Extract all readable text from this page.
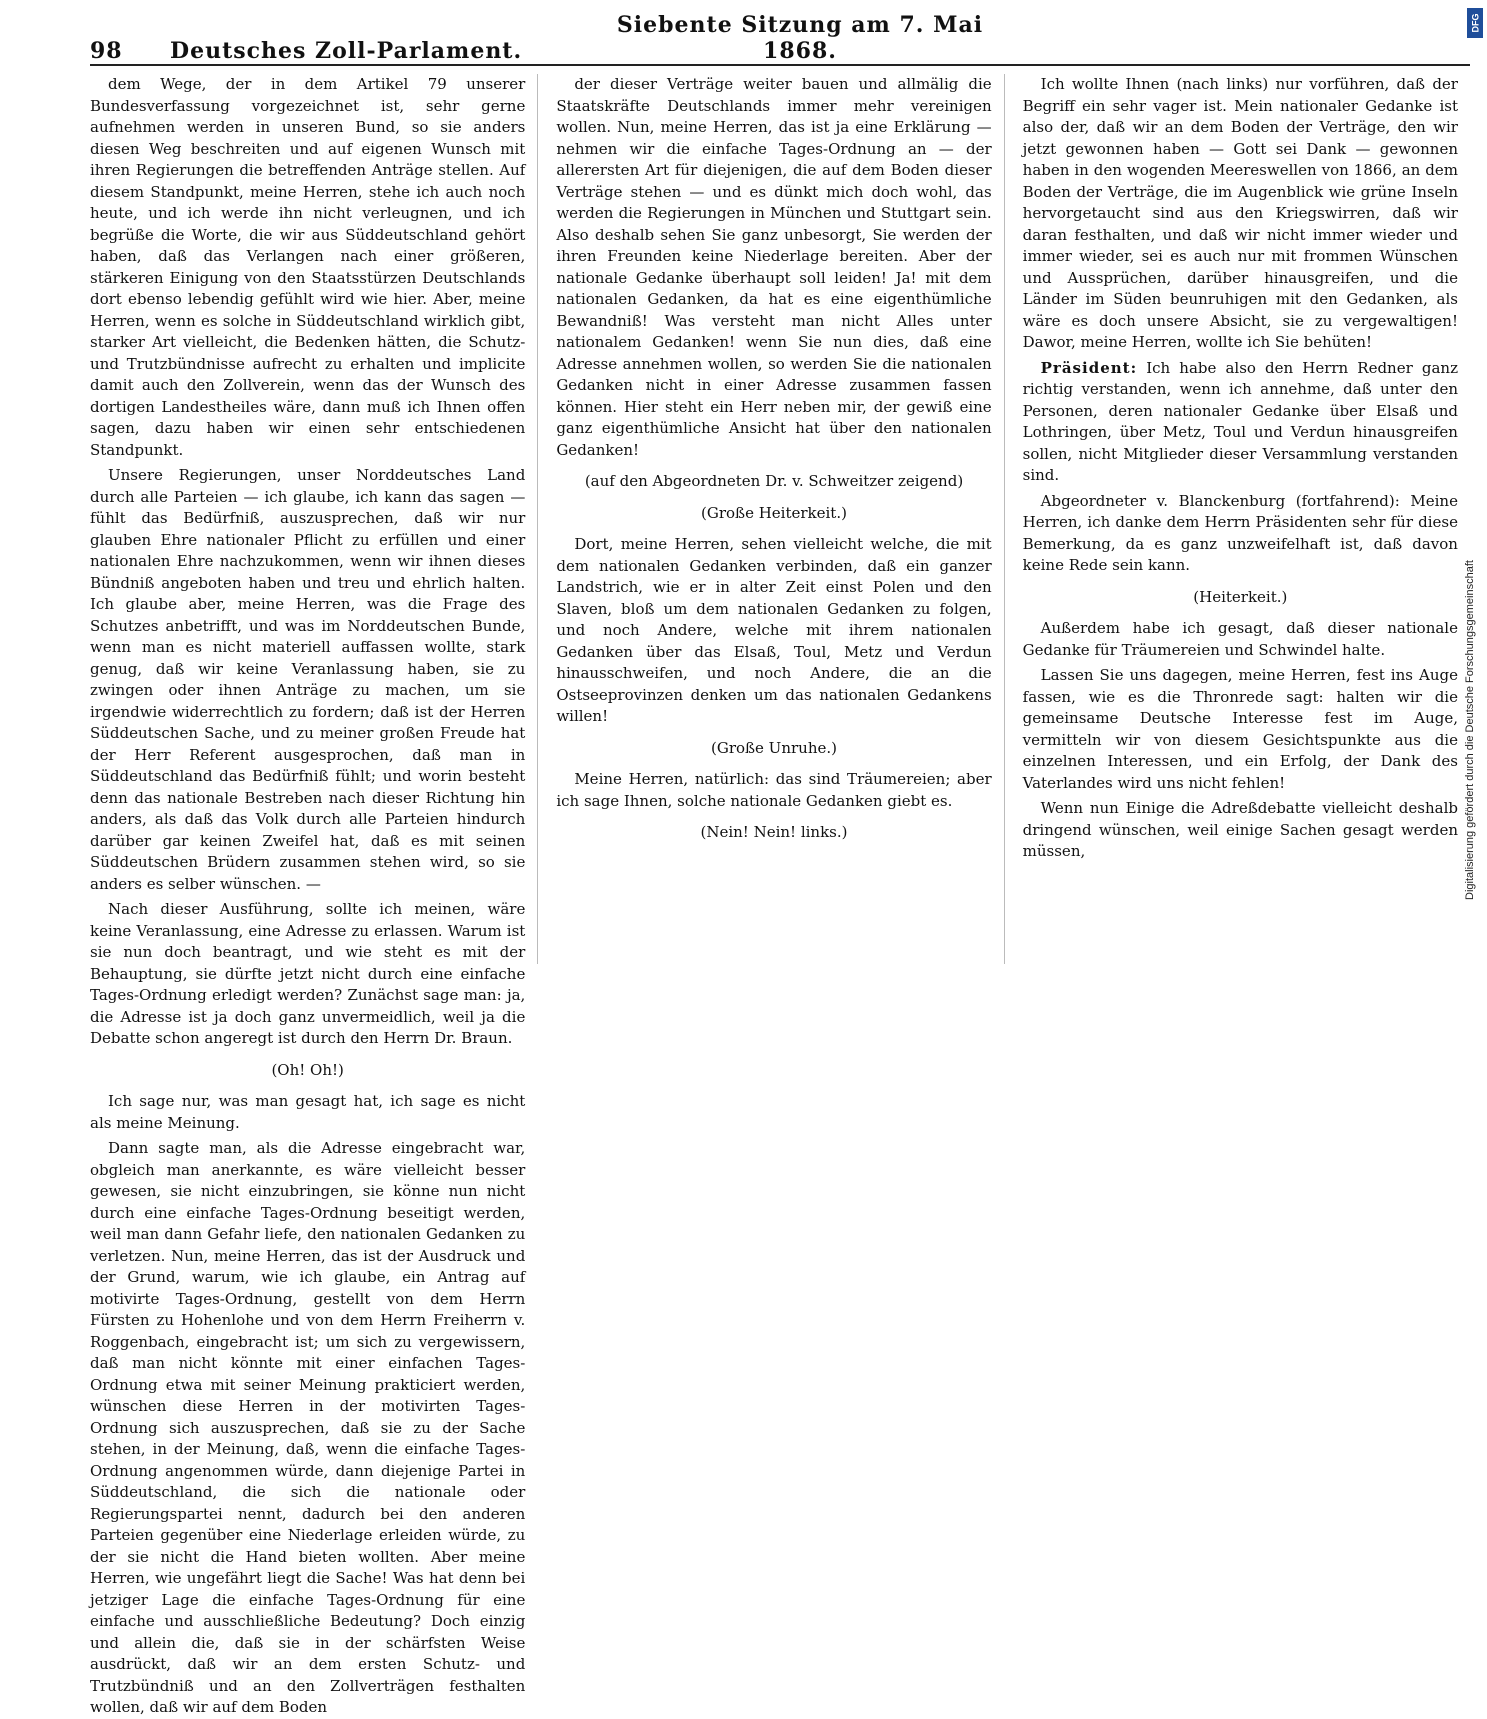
DFG
Digitalisierung gefördert durch die Deutsche Forschungsgemeinschaft
98	Deutsches Zoll-Parlament.
Siebente Sitzung am 7. Mai 1868.

dem Wege, der in dem Artikel 79 unserer Bundesverfassung vorgezeichnet ist, sehr gerne aufnehmen werden in unseren Bund, so sie anders diesen Weg beschreiten und auf eigenen Wunsch mit ihren Regierungen die betreffenden Anträge stellen. Auf diesem Standpunkt, meine Herren, stehe ich auch noch heute, und ich werde ihn nicht verleugnen, und ich begrüße die Worte, die wir aus Süddeutschland gehört haben, daß das Verlangen nach einer größeren, stärkeren Einigung von den Staatsstürzen Deutschlands dort ebenso lebendig gefühlt wird wie hier. Aber, meine Herren, wenn es solche in Süddeutschland wirklich gibt, starker Art vielleicht, die Bedenken hätten, die Schutz- und Trutzbündnisse aufrecht zu erhalten und implicite damit auch den Zollverein, wenn das der Wunsch des dortigen Landestheiles wäre, dann muß ich Ihnen offen sagen, dazu haben wir einen sehr entschiedenen Standpunkt.

Unsere Regierungen, unser Norddeutsches Land durch alle Parteien — ich glaube, ich kann das sagen — fühlt das Bedürfniß, auszusprechen, daß wir nur glauben Ehre nationaler Pflicht zu erfüllen und einer nationalen Ehre nachzukommen, wenn wir ihnen dieses Bündniß angeboten haben und treu und ehrlich halten. Ich glaube aber, meine Herren, was die Frage des Schutzes anbetrifft, und was im Norddeutschen Bunde, wenn man es nicht materiell auffassen wollte, stark genug, daß wir keine Veranlassung haben, sie zu zwingen oder ihnen Anträge zu machen, um sie irgendwie widerrechtlich zu fordern; daß ist der Herren Süddeutschen Sache, und zu meiner großen Freude hat der Herr Referent ausgesprochen, daß man in Süddeutschland das Bedürfniß fühlt; und worin besteht denn das nationale Bestreben nach dieser Richtung hin anders, als daß das Volk durch alle Parteien hindurch darüber gar keinen Zweifel hat, daß es mit seinen Süddeutschen Brüdern zusammen stehen wird, so sie anders es selber wünschen. —

Nach dieser Ausführung, sollte ich meinen, wäre keine Veranlassung, eine Adresse zu erlassen. Warum ist sie nun doch beantragt, und wie steht es mit der Behauptung, sie dürfte jetzt nicht durch eine einfache Tages-Ordnung erledigt werden? Zunächst sage man: ja, die Adresse ist ja doch ganz unvermeidlich, weil ja die Debatte schon angeregt ist durch den Herrn Dr. Braun.

(Oh! Oh!)

Ich sage nur, was man gesagt hat, ich sage es nicht als meine Meinung.

Dann sagte man, als die Adresse eingebracht war, obgleich man anerkannte, es wäre vielleicht besser gewesen, sie nicht einzubringen, sie könne nun nicht durch eine einfache Tages-Ordnung beseitigt werden, weil man dann Gefahr liefe, den nationalen Gedanken zu verletzen. Nun, meine Herren, das ist der Ausdruck und der Grund, warum, wie ich glaube, ein Antrag auf motivirte Tages-Ordnung, gestellt von dem Herrn Fürsten zu Hohenlohe und von dem Herrn Freiherrn v. Roggenbach, eingebracht ist; um sich zu vergewissern, daß man nicht könnte mit einer einfachen Tages-Ordnung etwa mit seiner Meinung prakticiert werden, wünschen diese Herren in der motivirten Tages-Ordnung sich auszusprechen, daß sie zu der Sache stehen, in der Meinung, daß, wenn die einfache Tages-Ordnung angenommen würde, dann diejenige Partei in Süddeutschland, die sich die nationale oder Regierungspartei nennt, dadurch bei den anderen Parteien gegenüber eine Niederlage erleiden würde, zu der sie nicht die Hand bieten wollten. Aber meine Herren, wie ungefährt liegt die Sache! Was hat denn bei jetziger Lage die einfache Tages-Ordnung für eine einfache und ausschließliche Bedeutung? Doch einzig und allein die, daß sie in der schärfsten Weise ausdrückt, daß wir an dem ersten Schutz- und Trutzbündniß und an den Zollverträgen festhalten wollen, daß wir auf dem Boden

der dieser Verträge weiter bauen und allmälig die Staatskräfte Deutschlands immer mehr vereinigen wollen. Nun, meine Herren, das ist ja eine Erklärung — nehmen wir die einfache Tages-Ordnung an — der allerersten Art für diejenigen, die auf dem Boden dieser Verträge stehen — und es dünkt mich doch wohl, das werden die Regierungen in München und Stuttgart sein. Also deshalb sehen Sie ganz unbesorgt, Sie werden der ihren Freunden keine Niederlage bereiten. Aber der nationale Gedanke überhaupt soll leiden! Ja! mit dem nationalen Gedanken, da hat es eine eigenthümliche Bewandniß! Was versteht man nicht Alles unter nationalem Gedanken! wenn Sie nun dies, daß eine Adresse annehmen wollen, so werden Sie die nationalen Gedanken nicht in einer Adresse zusammen fassen können. Hier steht ein Herr neben mir, der gewiß eine ganz eigenthümliche Ansicht hat über den nationalen Gedanken!

(auf den Abgeordneten Dr. v. Schweitzer zeigend)

(Große Heiterkeit.)

Dort, meine Herren, sehen vielleicht welche, die mit dem nationalen Gedanken verbinden, daß ein ganzer Landstrich, wie er in alter Zeit einst Polen und den Slaven, bloß um dem nationalen Gedanken zu folgen, und noch Andere, welche mit ihrem nationalen Gedanken über das Elsaß, Toul, Metz und Verdun hinausschweifen, und noch Andere, die an die Ostseeprovinzen denken um das nationalen Gedankens willen!

(Große Unruhe.)

Meine Herren, natürlich: das sind Träumereien; aber ich sage Ihnen, solche nationale Gedanken giebt es.

(Nein! Nein! links.)

Ich wollte Ihnen (nach links) nur vorführen, daß der Begriff ein sehr vager ist. Mein nationaler Gedanke ist also der, daß wir an dem Boden der Verträge, den wir jetzt gewonnen haben — Gott sei Dank — gewonnen haben in den wogenden Meereswellen von 1866, an dem Boden der Verträge, die im Augenblick wie grüne Inseln hervorgetaucht sind aus den Kriegswirren, daß wir daran festhalten, und daß wir nicht immer wieder und immer wieder, sei es auch nur mit frommen Wünschen und Aussprüchen, darüber hinausgreifen, und die Länder im Süden beunruhigen mit den Gedanken, als wäre es doch unsere Absicht, sie zu vergewaltigen! Dawor, meine Herren, wollte ich Sie behüten!

Präsident: Ich habe also den Herrn Redner ganz richtig verstanden, wenn ich annehme, daß unter den Personen, deren nationaler Gedanke über Elsaß und Lothringen, über Metz, Toul und Verdun hinausgreifen sollen, nicht Mitglieder dieser Versammlung verstanden sind.

Abgeordneter v. Blanckenburg (fortfahrend): Meine Herren, ich danke dem Herrn Präsidenten sehr für diese Bemerkung, da es ganz unzweifelhaft ist, daß davon keine Rede sein kann.

(Heiterkeit.)

Außerdem habe ich gesagt, daß dieser nationale Gedanke für Träumereien und Schwindel halte.

Lassen Sie uns dagegen, meine Herren, fest ins Auge fassen, wie es die Thronrede sagt: halten wir die gemeinsame Deutsche Interesse fest im Auge, vermitteln wir von diesem Gesichtspunkte aus die einzelnen Interessen, und ein Erfolg, der Dank des Vaterlandes wird uns nicht fehlen!

Wenn nun Einige die Adreßdebatte vielleicht deshalb dringend wünschen, weil einige Sachen gesagt werden müssen,
